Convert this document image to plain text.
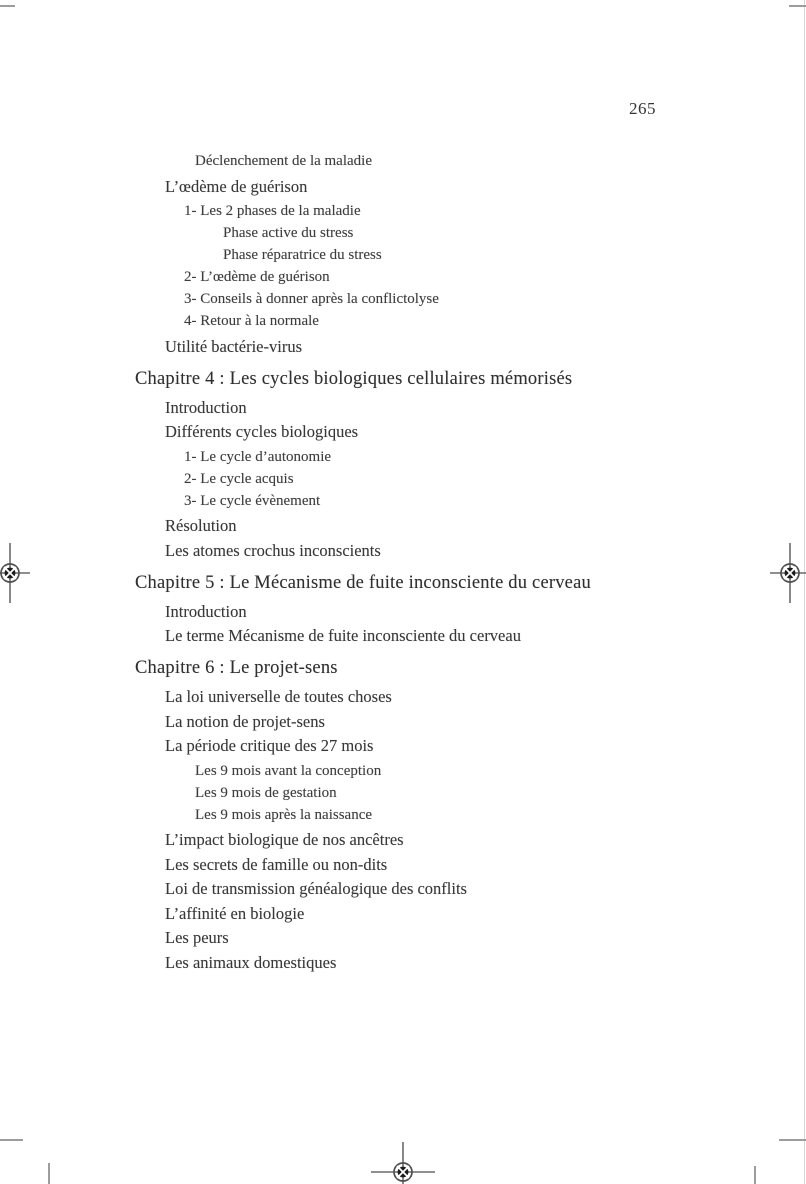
265
Déclenchement de la maladie
L’œdème de guérison
1- Les 2 phases de la maladie
Phase active du stress
Phase réparatrice du stress
2- L’œdème de guérison
3- Conseils à donner après la conflictolyse
4- Retour à la normale
Utilité bactérie-virus
Chapitre 4 : Les cycles biologiques cellulaires mémorisés
Introduction
Différents cycles biologiques
1- Le cycle d’autonomie
2- Le cycle acquis
3- Le cycle évènement
Résolution
Les atomes crochus inconscients
Chapitre 5 : Le Mécanisme de fuite inconsciente du cerveau
Introduction
Le terme Mécanisme de fuite inconsciente du cerveau
Chapitre 6 : Le projet-sens
La loi universelle de toutes choses
La notion de projet-sens
La période critique des 27 mois
Les 9 mois avant la conception
Les 9 mois de gestation
Les 9 mois après la naissance
L’impact biologique de nos ancêtres
Les secrets de famille ou non-dits
Loi de transmission généalogique des conflits
L’affinité en biologie
Les peurs
Les animaux domestiques
